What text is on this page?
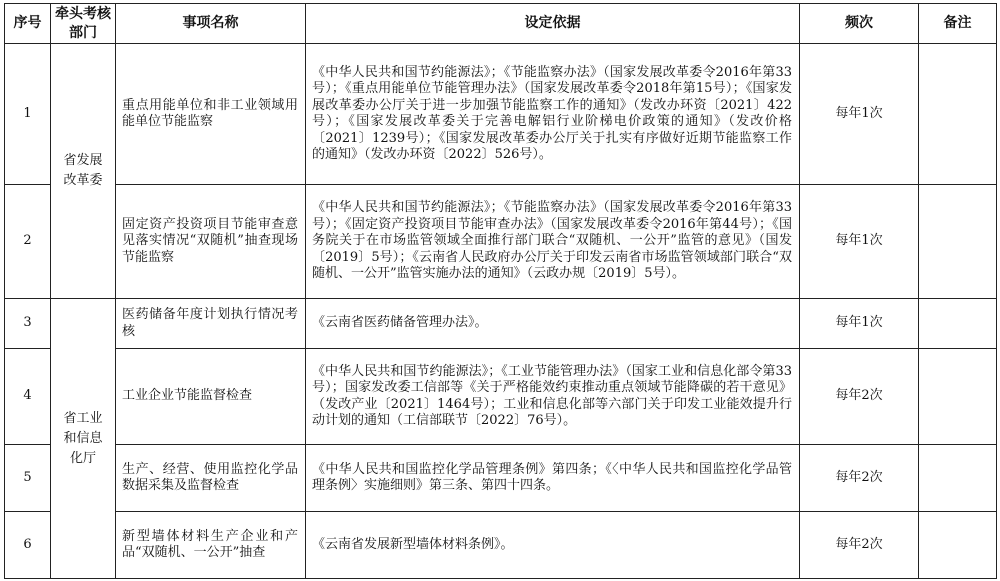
序号	牵头考核部门	事项名称	设定依据	频次	备注
1	省发展改革委	重点用能单位和非工业领域用能单位节能监察	《中华人民共和国节约能源法》；《节能监察办法》（国家发展改革委令2016年第33号）；《重点用能单位节能管理办法》（国家发展改革委令2018年第15号）；《国家发展改革委办公厅关于进一步加强节能监察工作的通知》（发改办环资〔2021〕422号）；《国家发展改革委关于完善电解铝行业阶梯电价政策的通知》（发改价格〔2021〕1239号）；《国家发展改革委办公厅关于扎实有序做好近期节能监察工作的通知》（发改办环资〔2022〕526号）。	每年1次	
2		固定资产投资项目节能审查意见落实情况“双随机”抽查现场节能监察	《中华人民共和国节约能源法》；《节能监察办法》（国家发展改革委令2016年第33号）；《固定资产投资项目节能审查办法》（国家发展改革委令2016年第44号）；《国务院关于在市场监管领域全面推行部门联合“双随机、一公开”监管的意见》（国发〔2019〕5号）；《云南省人民政府办公厅关于印发云南省市场监管领域部门联合“双随机、一公开”监管实施办法的通知》（云政办规〔2019〕5号）。	每年1次	
3	省工业和信息化厅	医药储备年度计划执行情况考核	《云南省医药储备管理办法》。	每年1次	
4		工业企业节能监督检查	《中华人民共和国节约能源法》；《工业节能管理办法》（国家工业和信息化部令第33号）；国家发改委工信部等《关于严格能效约束推动重点领域节能降碳的若干意见》（发改产业〔2021〕1464号）；工业和信息化部等六部门关于印发工业能效提升行动计划的通知（工信部联节〔2022〕76号）。	每年2次	
5		生产、经营、使用监控化学品数据采集及监督检查	《中华人民共和国监控化学品管理条例》第四条；《〈中华人民共和国监控化学品管理条例〉实施细则》第三条、第四十四条。	每年2次	
6		新型墙体材料生产企业和产品“双随机、一公开”抽查	《云南省发展新型墙体材料条例》。	每年2次	
